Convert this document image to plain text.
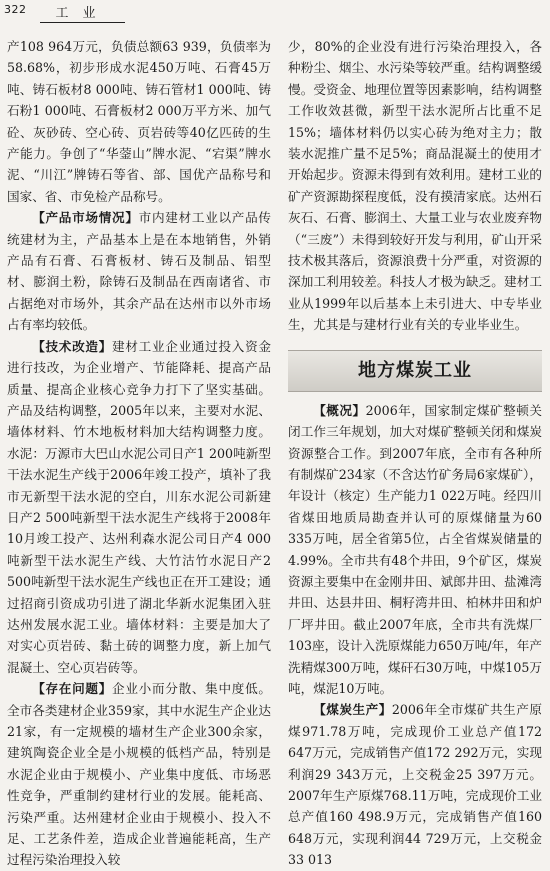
322	工业

产108 964万元，负债总额63 939，负债率为58.68%，初步形成水泥450万吨、石膏45万吨、铸石板材8 000吨、铸石管材1 000吨、铸石粉1 000吨、石膏板材2 000万平方米、加气砼、灰砂砖、空心砖、页岩砖等40亿匹砖的生产能力。争创了“华蓥山”牌水泥、“宕渠”牌水泥、“川江”牌铸石等省、部、国优产品称号和国家、省、市免检产品称号。

【产品市场情况】市内建材工业以产品传统建材为主，产品基本上是在本地销售，外销产品有石膏、石膏板材、铸石及制品、铝型材、膨润土粉，除铸石及制品在西南诸省、市占据绝对市场外，其余产品在达州市以外市场占有率均较低。

【技术改造】建材工业企业通过投入资金进行技改，为企业增产、节能降耗、提高产品质量、提高企业核心竞争力打下了坚实基础。产品及结构调整，2005年以来，主要对水泥、墙体材料、竹木地板材料加大结构调整力度。水泥：万源市大巴山水泥公司日产1 200吨新型干法水泥生产线于2006年竣工投产，填补了我市无新型干法水泥的空白，川东水泥公司新建日产2 500吨新型干法水泥生产线将于2008年10月竣工投产、达州利森水泥公司日产4 000吨新型干法水泥生产线、大竹沽竹水泥日产2 500吨新型干法水泥生产线也正在开工建设；通过招商引资成功引进了湖北华新水泥集团入驻达州发展水泥工业。墙体材料：主要是加大了对实心页岩砖、黏土砖的调整力度，新上加气混凝土、空心页岩砖等。

【存在问题】企业小而分散、集中度低。全市各类建材企业359家，其中水泥生产企业达21家，有一定规模的墙材生产企业300余家，建筑陶瓷企业全是小规模的低档产品，特别是水泥企业由于规模小、产业集中度低、市场恶性竞争，严重制约建材行业的发展。能耗高、污染严重。达州建材企业由于规模小、投入不足、工艺条件差，造成企业普遍能耗高，生产过程污染治理投入较

少，80%的企业没有进行污染治理投入，各种粉尘、烟尘、水污染等较严重。结构调整缓慢。受资金、地理位置等因素影响，结构调整工作收效甚微，新型干法水泥所占比重不足15%；墙体材料仍以实心砖为绝对主力；散装水泥推广量不足5%；商品混凝土的使用才开始起步。资源未得到有效利用。建材工业的矿产资源勘探程度低，没有摸清家底。达州石灰石、石膏、膨润土、大量工业与农业废弃物（“三废”）未得到较好开发与利用，矿山开采技术极其落后，资源浪费十分严重，对资源的深加工利用较差。科技人才极为缺乏。建材工业从1999年以后基本上未引进大、中专毕业生，尤其是与建材行业有关的专业毕业生。

地方煤炭工业

【概况】2006年，国家制定煤矿整顿关闭工作三年规划，加大对煤矿整顿关闭和煤炭资源整合工作。到2007年底，全市有各种所有制煤矿234家（不含达竹矿务局6家煤矿），年设计（核定）生产能力1 022万吨。经四川省煤田地质局勘查并认可的原煤储量为60 335万吨，居全省第5位，占全省煤炭储量的4.99%。全市共有48个井田，9个矿区，煤炭资源主要集中在金刚井田、斌郎井田、盐滩湾井田、达县井田、桐籽湾井田、柏林井田和炉厂坪井田。截止2007年底，全市共有洗煤厂103座，设计入洗原煤能力650万吨/年，年产洗精煤300万吨，煤矸石30万吨，中煤105万吨，煤泥10万吨。

【煤炭生产】2006年全市煤矿共生产原煤971.78万吨，完成现价工业总产值172 647万元，完成销售产值172 292万元，实现利润29 343万元，上交税金25 397万元。2007年生产原煤768.11万吨，完成现价工业总产值160 498.9万元，完成销售产值160 648万元，实现利润44 729万元，上交税金33 013
